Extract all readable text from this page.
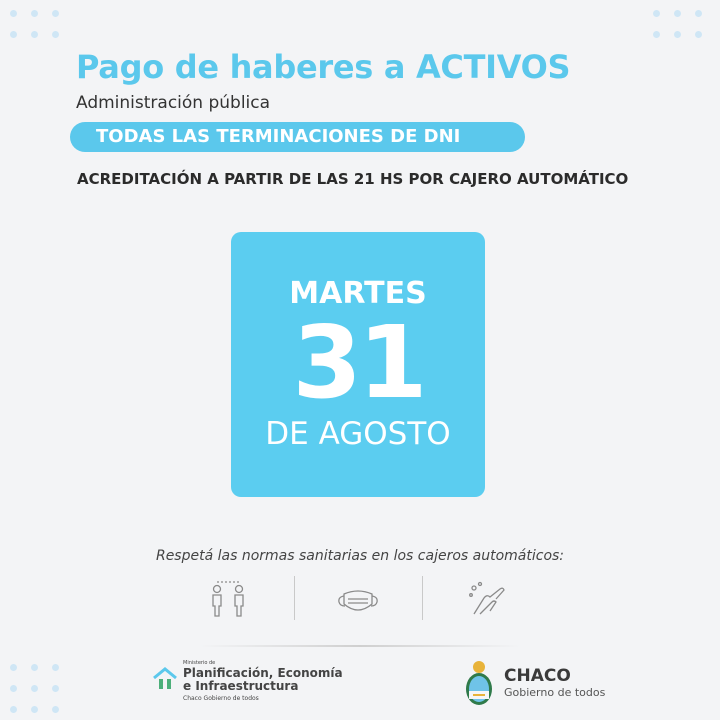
Pago de haberes a ACTIVOS
Administración pública
TODAS LAS TERMINACIONES DE DNI
ACREDITACIÓN A PARTIR DE LAS 21 HS POR CAJERO AUTOMÁTICO
MARTES
31
DE AGOSTO
Respetá las normas sanitarias en los cajeros automáticos:
Ministerio de
Planificación, Economía
e Infraestructura
Chaco Gobierno de todos
CHACO
Gobierno de todos
